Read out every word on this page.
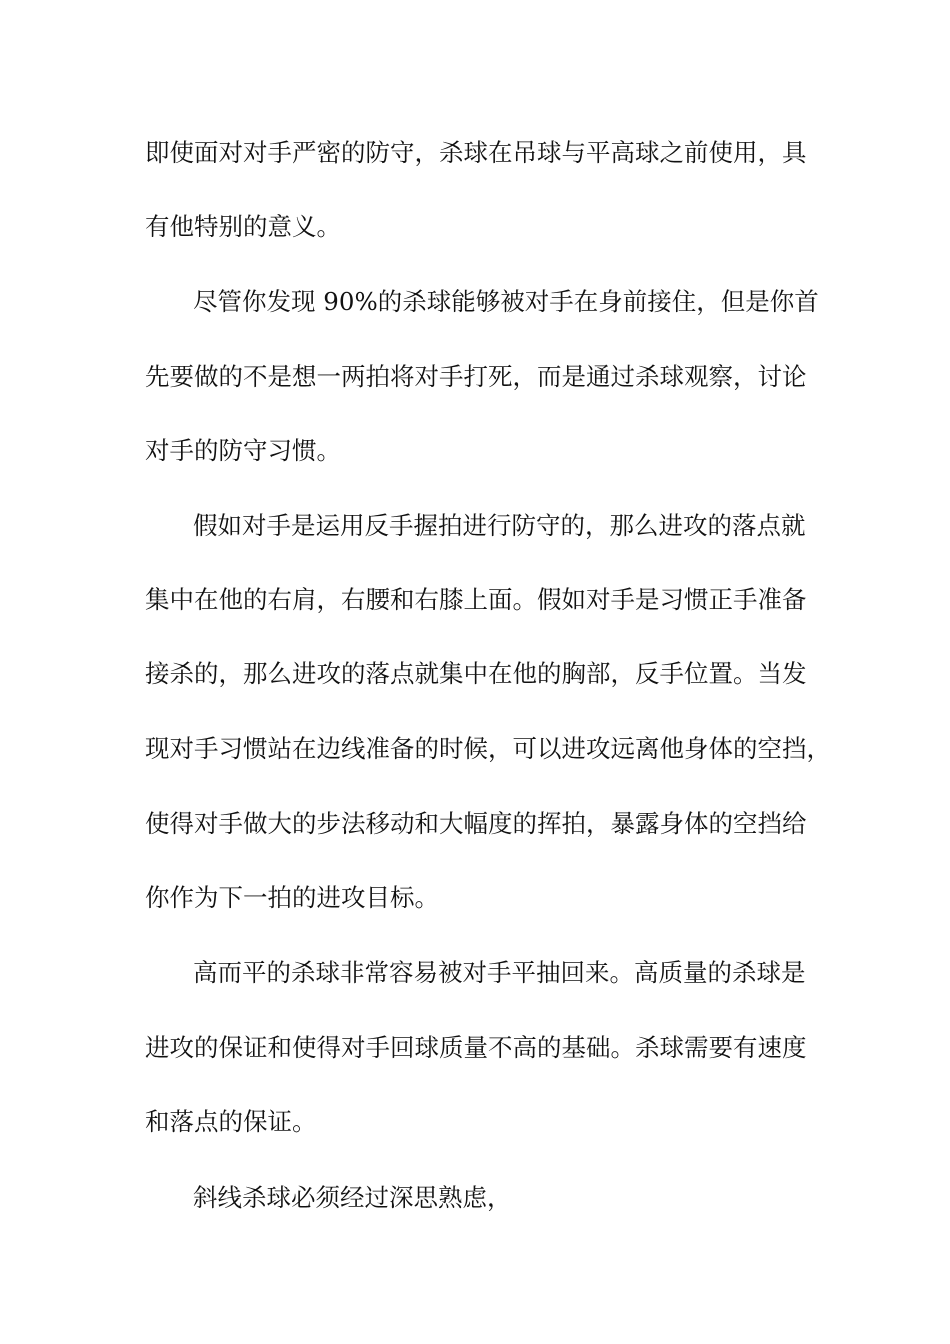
即使面对对手严密的防守，杀球在吊球与平高球之前使用，具
有他特别的意义。
尽管你发现 90%的杀球能够被对手在身前接住，但是你首
先要做的不是想一两拍将对手打死，而是通过杀球观察，讨论
对手的防守习惯。
假如对手是运用反手握拍进行防守的，那么进攻的落点就
集中在他的右肩，右腰和右膝上面。假如对手是习惯正手准备
接杀的，那么进攻的落点就集中在他的胸部，反手位置。当发
现对手习惯站在边线准备的时候，可以进攻远离他身体的空挡，
使得对手做大的步法移动和大幅度的挥拍，暴露身体的空挡给
你作为下一拍的进攻目标。
高而平的杀球非常容易被对手平抽回来。高质量的杀球是
进攻的保证和使得对手回球质量不高的基础。杀球需要有速度
和落点的保证。
斜线杀球必须经过深思熟虑，
